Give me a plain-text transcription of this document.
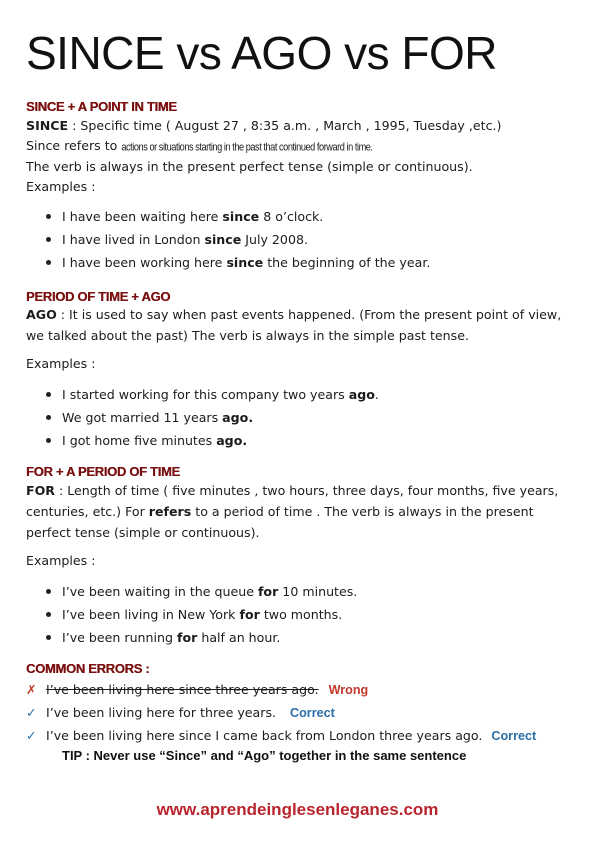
SINCE vs AGO vs FOR
SINCE + A POINT IN TIME
SINCE : Specific time ( August 27 , 8:35 a.m. , March , 1995, Tuesday ,etc.)
Since refers to actions or situations starting in the past that continued forward in time.
The verb is always in the present perfect tense (simple or continuous).
Examples :
I have been waiting here since 8 o’clock.
I have lived in London since July 2008.
I have been working here since the beginning of the year.
PERIOD OF TIME + AGO
AGO : It is used to say when past events happened. (From the present point of view, we talked about the past) The verb is always in the simple past tense.
Examples :
I started working for this company two years ago.
We got married 11 years ago.
I got home five minutes ago.
FOR + A PERIOD OF TIME
FOR : Length of time ( five minutes , two hours, three days, four months, five years, centuries, etc.) For refers to a period of time . The verb is always in the present perfect tense (simple or continuous).
Examples :
I’ve been waiting in the queue for 10 minutes.
I’ve been living in New York for two months.
I’ve been running for half an hour.
COMMON ERRORS :
✗ I’ve been living here since three years ago. Wrong
✓ I’ve been living here for three years. Correct
✓ I’ve been living here since I came back from London three years ago. Correct
TIP : Never use “Since” and “Ago” together in the same sentence
www.aprendeinglesenleganes.com
